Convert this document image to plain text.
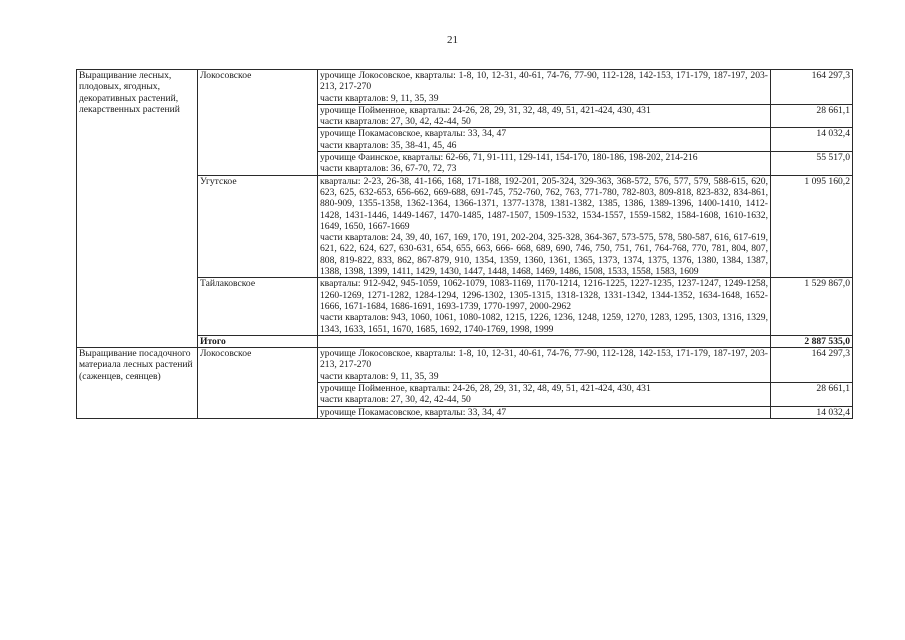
21
Выращивание лесных, плодовых, ягодных, декоративных растений, лекарственных растений	Локосовское	урочище Локосовское, кварталы: 1-8, 10, 12-31, 40-61, 74-76, 77-90, 112-128, 142-153, 171-179, 187-197, 203-213, 217-270
части кварталов: 9, 11, 35, 39	164 297,3

		урочище Пойменное, кварталы: 24-26, 28, 29, 31, 32, 48, 49, 51, 421-424, 430, 431
части кварталов: 27, 30, 42, 42-44, 50	28 661,1

		урочище Покамасовское, кварталы: 33, 34, 47
части кварталов: 35, 38-41, 45, 46	14 032,4

		урочище Фаинское, кварталы: 62-66, 71, 91-111, 129-141, 154-170, 180-186, 198-202, 214-216
части кварталов: 36, 67-70, 72, 73	55 517,0
	Угутское	кварталы: 2-23, 26-38, 41-166, 168, 171-188, 192-201, 205-324, 329-363, 368-572, 576, 577, 579, 588-615, 620, 623, 625, 632-653, 656-662, 669-688, 691-745, 752-760, 762, 763, 771-780, 782-803, 809-818, 823-832, 834-861, 880-909, 1355-1358, 1362-1364, 1366-1371, 1377-1378, 1381-1382, 1385, 1386, 1389-1396, 1400-1410, 1412-1428, 1431-1446, 1449-1467, 1470-1485, 1487-1507, 1509-1532, 1534-1557, 1559-1582, 1584-1608, 1610-1632, 1649, 1650, 1667-1669
части кварталов: 24, 39, 40, 167, 169, 170, 191, 202-204, 325-328, 364-367, 573-575, 578, 580-587, 616, 617-619, 621, 622, 624, 627, 630-631, 654, 655, 663, 666- 668, 689, 690, 746, 750, 751, 761, 764-768, 770, 781, 804, 807, 808, 819-822, 833, 862, 867-879, 910, 1354, 1359, 1360, 1361, 1365, 1373, 1374, 1375, 1376, 1380, 1384, 1387, 1388, 1398, 1399, 1411, 1429, 1430, 1447, 1448, 1468, 1469, 1486, 1508, 1533, 1558, 1583, 1609	1 095 160,2
	Тайлаковское	кварталы: 912-942, 945-1059, 1062-1079, 1083-1169, 1170-1214, 1216-1225, 1227-1235, 1237-1247, 1249-1258, 1260-1269, 1271-1282, 1284-1294, 1296-1302, 1305-1315, 1318-1328, 1331-1342, 1344-1352, 1634-1648, 1652-1666, 1671-1684, 1686-1691, 1693-1739, 1770-1997, 2000-2962
части кварталов: 943, 1060, 1061, 1080-1082, 1215, 1226, 1236, 1248, 1259, 1270, 1283, 1295, 1303, 1316, 1329, 1343, 1633, 1651, 1670, 1685, 1692, 1740-1769, 1998, 1999	1 529 867,0
	Итого		2 887 535,0
Выращивание посадочного материала лесных растений (саженцев, сеянцев)	Локосовское	урочище Локосовское, кварталы: 1-8, 10, 12-31, 40-61, 74-76, 77-90, 112-128, 142-153, 171-179, 187-197, 203-213, 217-270
части кварталов: 9, 11, 35, 39	164 297,3

		урочище Пойменное, кварталы: 24-26, 28, 29, 31, 32, 48, 49, 51, 421-424, 430, 431
части кварталов: 27, 30, 42, 42-44, 50	28 661,1

		урочище Покамасовское, кварталы: 33, 34, 47	14 032,4
